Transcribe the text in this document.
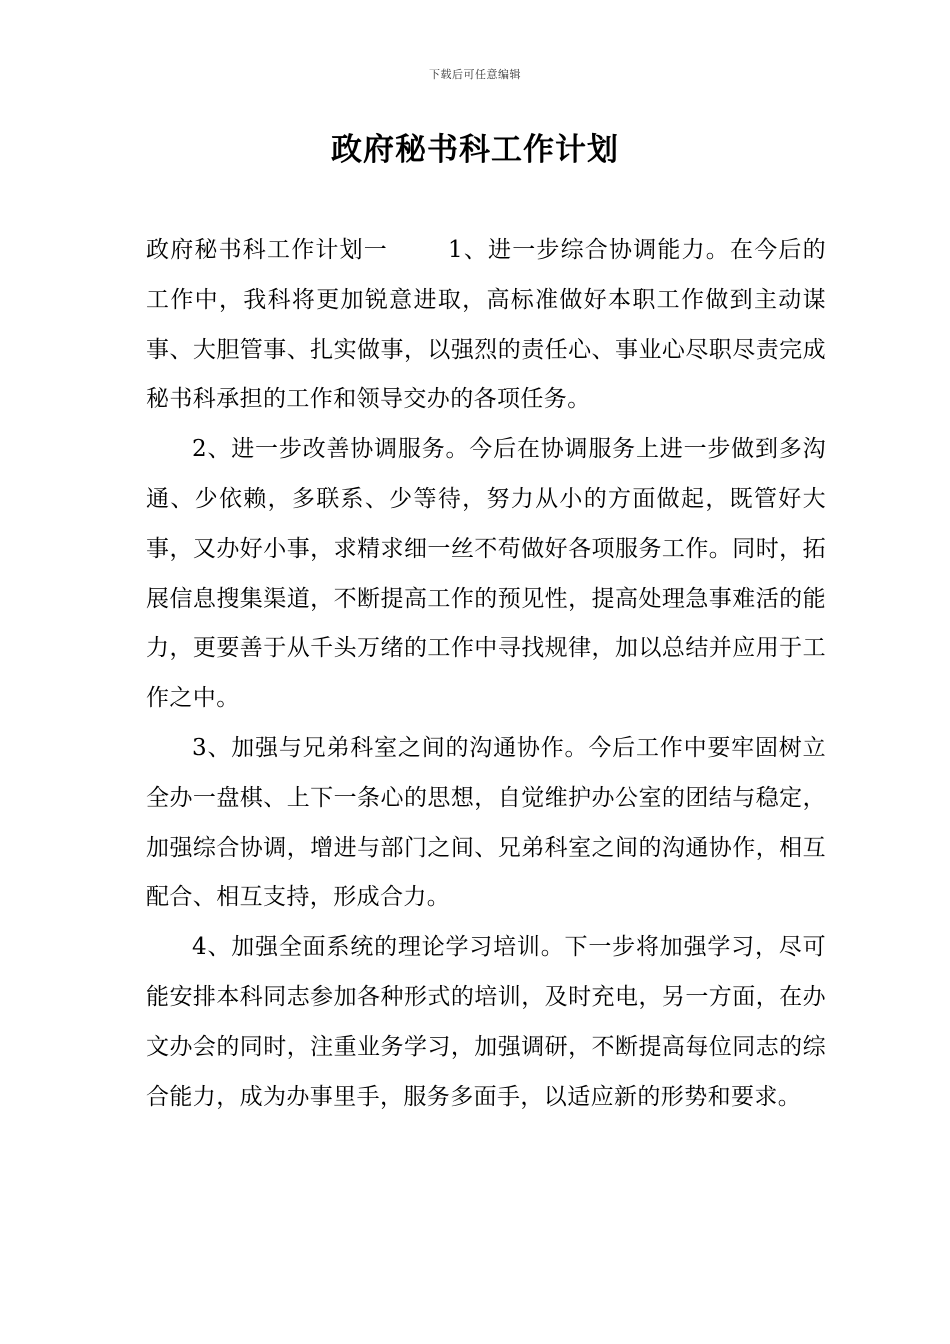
下载后可任意编辑
政府秘书科工作计划

政府秘书科工作计划一	1、进一步综合协调能力。在今后的工作中，我科将更加锐意进取，高标准做好本职工作做到主动谋事、大胆管事、扎实做事，以强烈的责任心、事业心尽职尽责完成秘书科承担的工作和领导交办的各项任务。

2、进一步改善协调服务。今后在协调服务上进一步做到多沟通、少依赖，多联系、少等待，努力从小的方面做起，既管好大事，又办好小事，求精求细一丝不苟做好各项服务工作。同时，拓展信息搜集渠道，不断提高工作的预见性，提高处理急事难活的能力，更要善于从千头万绪的工作中寻找规律，加以总结并应用于工作之中。

3、加强与兄弟科室之间的沟通协作。今后工作中要牢固树立全办一盘棋、上下一条心的思想，自觉维护办公室的团结与稳定，加强综合协调，增进与部门之间、兄弟科室之间的沟通协作，相互配合、相互支持，形成合力。

4、加强全面系统的理论学习培训。下一步将加强学习，尽可能安排本科同志参加各种形式的培训，及时充电，另一方面，在办文办会的同时，注重业务学习，加强调研，不断提高每位同志的综合能力，成为办事里手，服务多面手，以适应新的形势和要求。
